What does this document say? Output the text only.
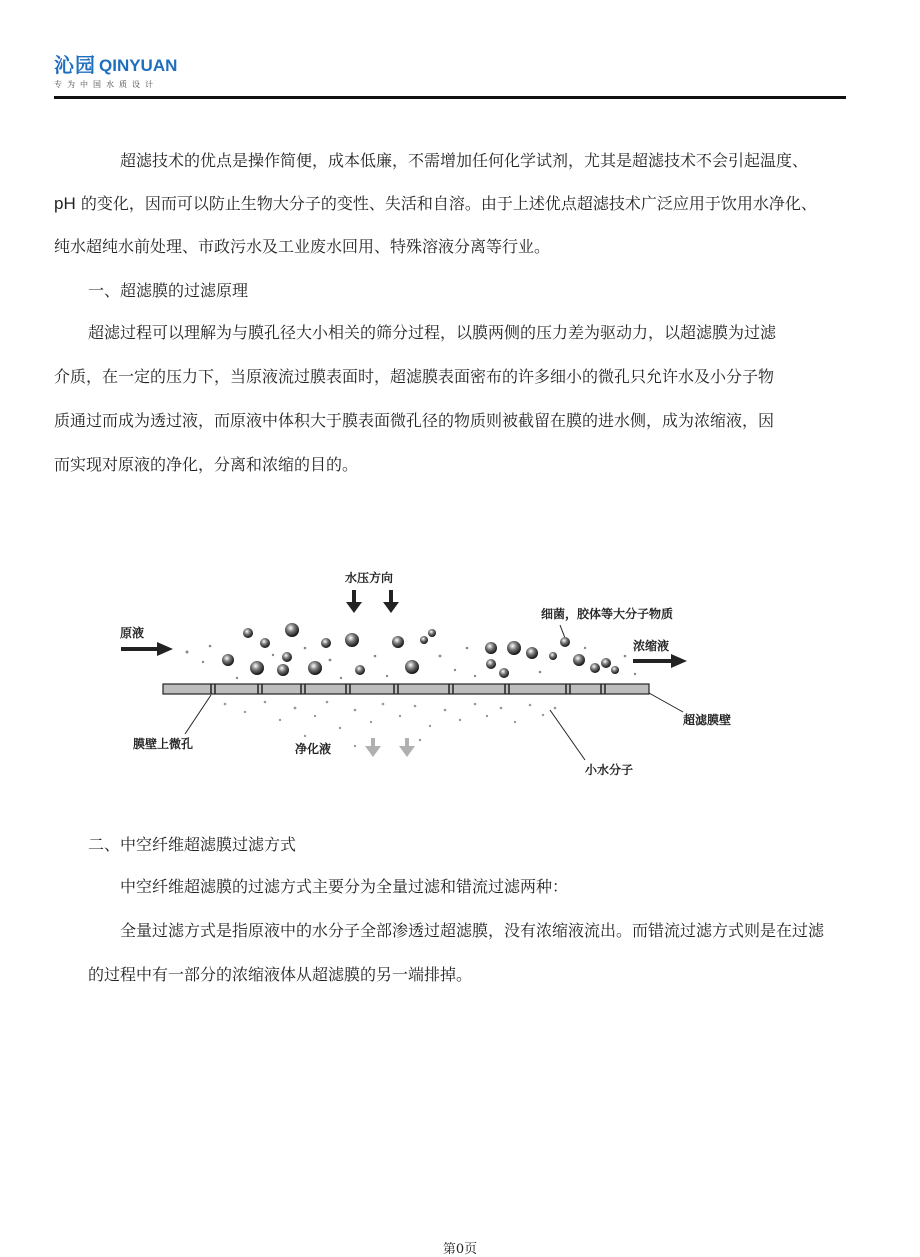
沁园 QINYUAN
专为中国水质设计
超滤技术的优点是操作简便，成本低廉，不需增加任何化学试剂，尤其是超滤技术不会引起温度、
pH 的变化，因而可以防止生物大分子的变性、失活和自溶。由于上述优点超滤技术广泛应用于饮用水净化、
纯水超纯水前处理、市政污水及工业废水回用、特殊溶液分离等行业。
一、超滤膜的过滤原理
超滤过程可以理解为与膜孔径大小相关的筛分过程，以膜两侧的压力差为驱动力，以超滤膜为过滤
介质，在一定的压力下，当原液流过膜表面时，超滤膜表面密布的许多细小的微孔只允许水及小分子物
质通过而成为透过液，而原液中体积大于膜表面微孔径的物质则被截留在膜的进水侧，成为浓缩液，因
而实现对原液的净化，分离和浓缩的目的。
水压方向
原液
细菌，胶体等大分子物质
浓缩液
膜壁上微孔	净化液
小水分子
超滤膜壁
二、中空纤维超滤膜过滤方式
中空纤维超滤膜的过滤方式主要分为全量过滤和错流过滤两种：
全量过滤方式是指原液中的水分子全部渗透过超滤膜，没有浓缩液流出。而错流过滤方式则是在过滤
的过程中有一部分的浓缩液体从超滤膜的另一端排掉。
第0页
